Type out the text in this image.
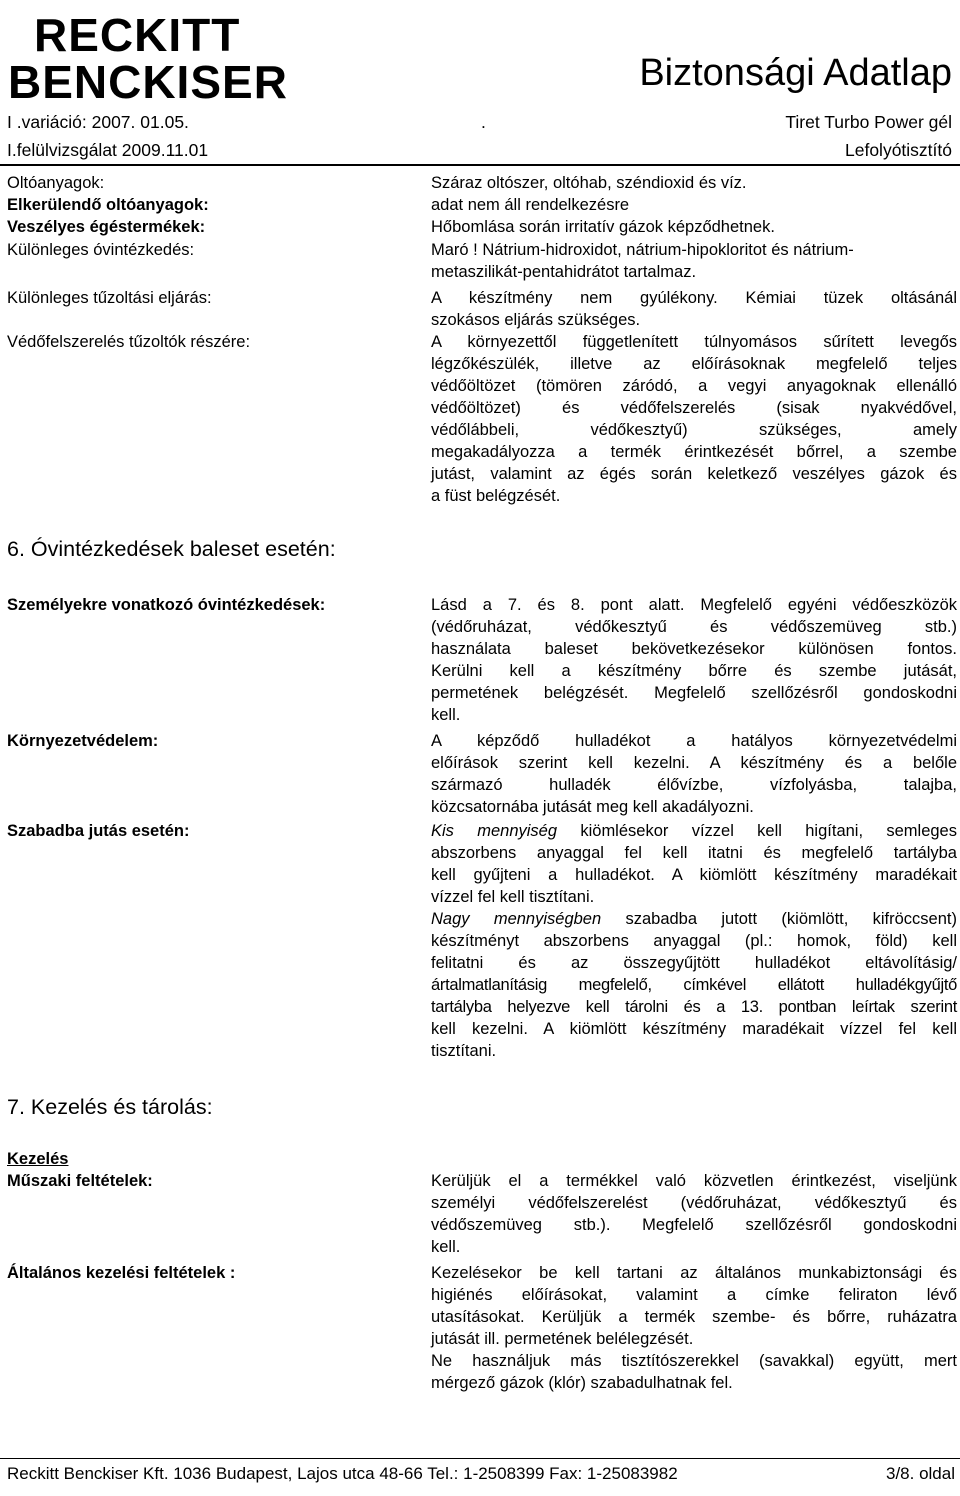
RECKITT
BENCKISER	Biztonsági Adatlap
I .variáció: 2007. 01.05.	.	Tiret Turbo Power gél
I.felülvizsgálat 2009.11.01	Lefolyótisztító
Oltóanyagok:	Száraz oltószer, oltóhab, széndioxid és víz.
Elkerülendő oltóanyagok:	adat nem áll rendelkezésre
Veszélyes égéstermékek:	Hőbomlása során irritatív gázok képződhetnek.
Különleges óvintézkedés:	Maró ! Nátrium-hidroxidot, nátrium-hipokloritot és nátrium-
metaszilikát-pentahidrátot tartalmaz.
Különleges tűzoltási eljárás:	A készítmény nem gyúlékony. Kémiai tüzek oltásánál
szokásos eljárás szükséges.
Védőfelszerelés tűzoltók részére:	A környezettől függetlenített túlnyomásos sűrített levegős
légzőkészülék, illetve az előírásoknak megfelelő teljes
védőöltözet (tömören záródó, a vegyi anyagoknak ellenálló
védőöltözet) és védőfelszerelés (sisak nyakvédővel,
védőlábbeli, védőkesztyű) szükséges, amely
megakadályozza a termék érintkezését bőrrel, a szembe
jutást, valamint az égés során keletkező veszélyes gázok és
a füst belégzését.
6. Óvintézkedések baleset esetén:
Személyekre vonatkozó óvintézkedések:	Lásd a 7. és 8. pont alatt. Megfelelő egyéni védőeszközök
(védőruházat, védőkesztyű és védőszemüveg stb.)
használata baleset bekövetkezésekor különösen fontos.
Kerülni kell a készítmény bőrre és szembe jutását,
permetének belégzését. Megfelelő szellőzésről gondoskodni
kell.
Környezetvédelem:	A képződő hulladékot a hatályos környezetvédelmi
előírások szerint kell kezelni. A készítmény és a belőle
származó hulladék élővízbe, vízfolyásba, talajba,
közcsatornába jutását meg kell akadályozni.
Szabadba jutás esetén:	Kis mennyiség kiömlésekor vízzel kell higítani, semleges
abszorbens anyaggal fel kell itatni és megfelelő tartályba
kell gyűjteni a hulladékot. A kiömlött készítmény maradékait
vízzel fel kell tisztítani.
Nagy mennyiségben szabadba jutott (kiömlött, kifröccsent)
készítményt abszorbens anyaggal (pl.: homok, föld) kell
felitatni és az összegyűjtött hulladékot eltávolításig/
ártalmatlanításig megfelelő, címkével ellátott hulladékgyűjtő
tartályba helyezve kell tárolni és a 13. pontban leírtak szerint
kell kezelni. A kiömlött készítmény maradékait vízzel fel kell
tisztítani.
7. Kezelés és tárolás:
Kezelés
Műszaki feltételek:	Kerüljük el a termékkel való közvetlen érintkezést, viseljünk
személyi védőfelszerelést (védőruházat, védőkesztyű és
védőszemüveg stb.). Megfelelő szellőzésről gondoskodni
kell.
Általános kezelési feltételek :	Kezelésekor be kell tartani az általános munkabiztonsági és
higiénés előírásokat, valamint a címke feliraton lévő
utasításokat. Kerüljük a termék szembe- és bőrre, ruházatra
jutását ill. permetének belélegzését.
Ne használjuk más tisztítószerekkel (savakkal) együtt, mert
mérgező gázok (klór) szabadulhatnak fel.
Reckitt Benckiser Kft. 1036 Budapest, Lajos utca 48-66 Tel.: 1-2508399 Fax: 1-25083982	3/8. oldal
